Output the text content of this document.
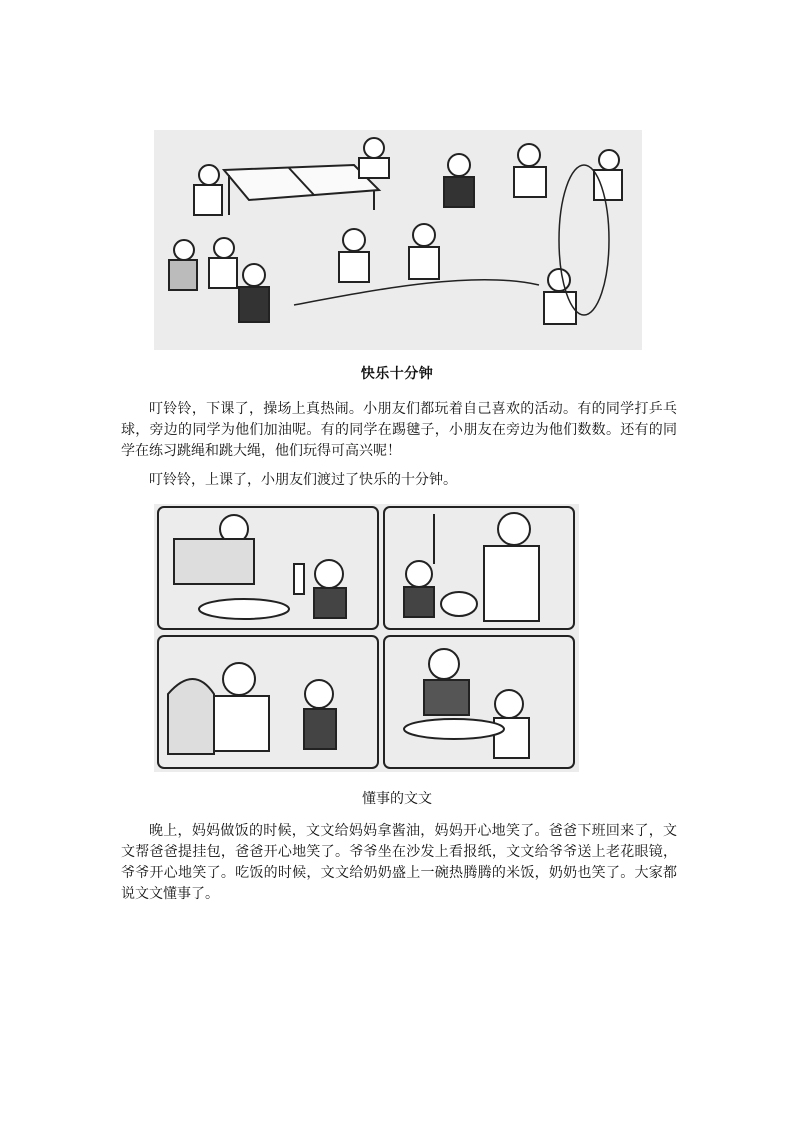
快乐十分钟

叮铃铃，下课了，操场上真热闹。小朋友们都玩着自己喜欢的活动。有的同学打乒乓球，旁边的同学为他们加油呢。有的同学在踢毽子，小朋友在旁边为他们数数。还有的同学在练习跳绳和跳大绳，他们玩得可高兴呢！

叮铃铃，上课了，小朋友们渡过了快乐的十分钟。

懂事的文文

晚上，妈妈做饭的时候，文文给妈妈拿酱油，妈妈开心地笑了。爸爸下班回来了，文文帮爸爸提挂包，爸爸开心地笑了。爷爷坐在沙发上看报纸，文文给爷爷送上老花眼镜，爷爷开心地笑了。吃饭的时候，文文给奶奶盛上一碗热腾腾的米饭，奶奶也笑了。大家都说文文懂事了。
